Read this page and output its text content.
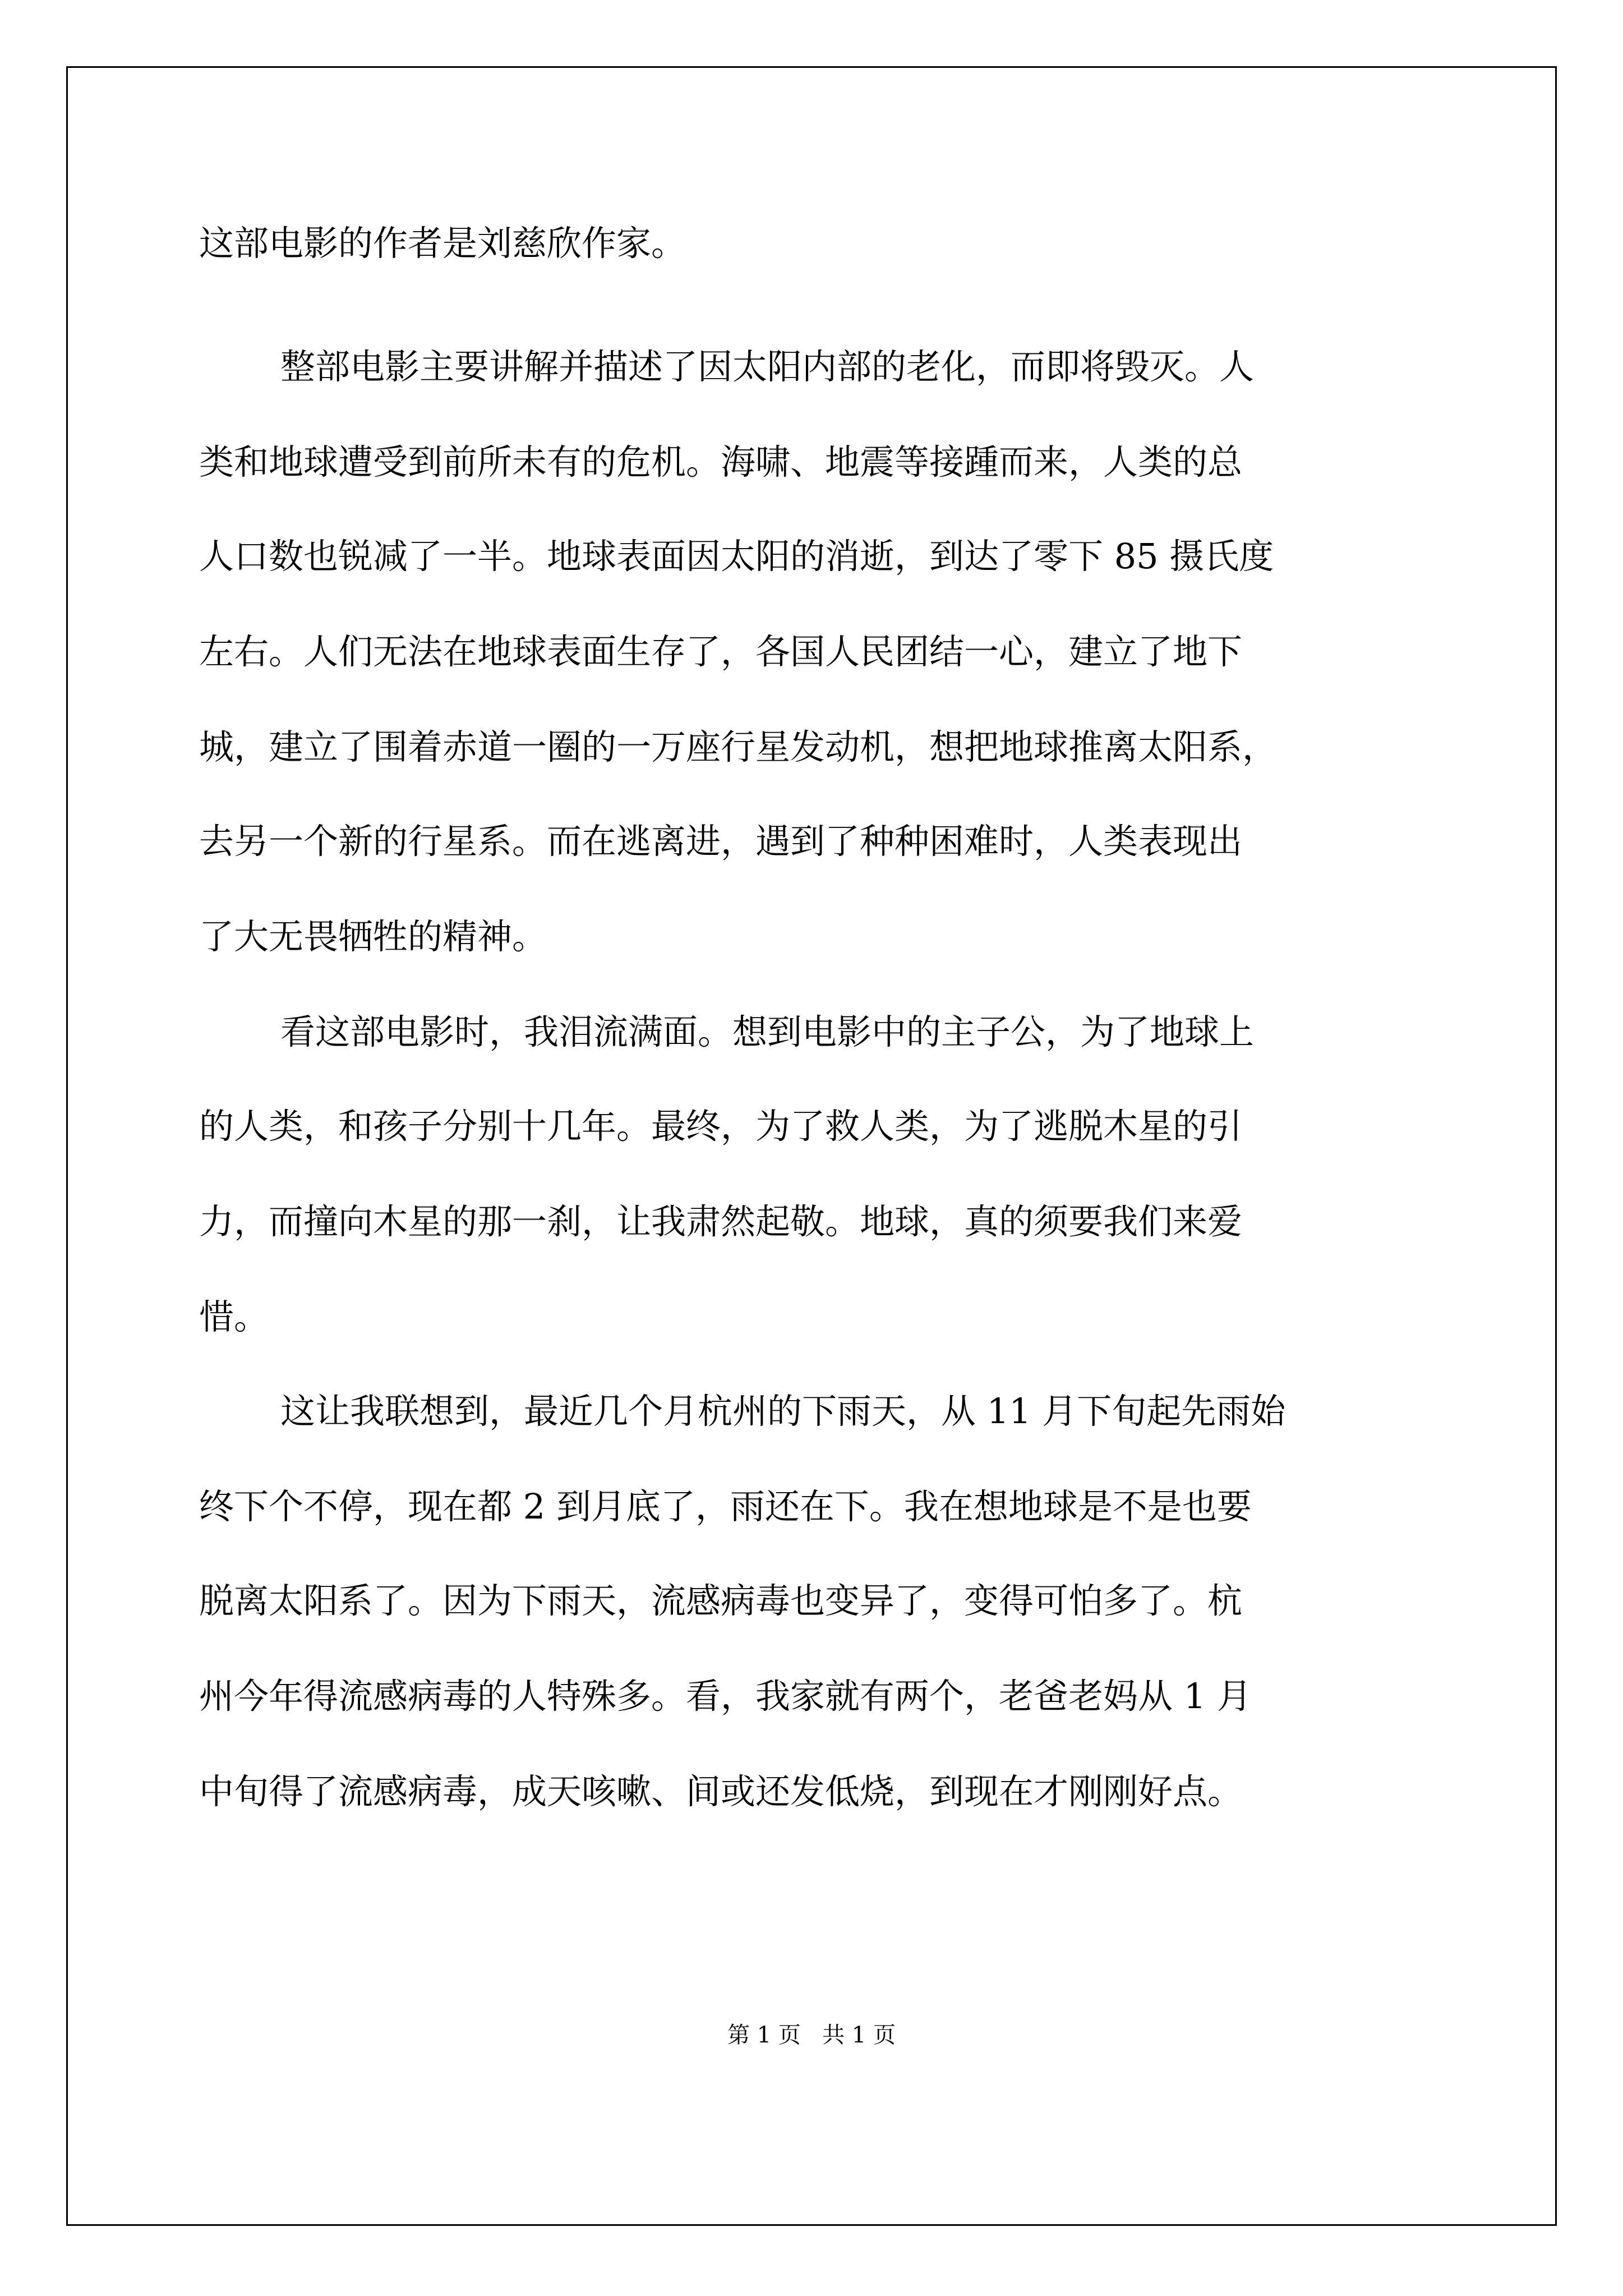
这部电影的作者是刘慈欣作家。
整部电影主要讲解并描述了因太阳内部的老化，而即将毁灭。人
类和地球遭受到前所未有的危机。海啸、地震等接踵而来，人类的总
人口数也锐减了一半。地球表面因太阳的消逝，到达了零下 85 摄氏度
左右。人们无法在地球表面生存了，各国人民团结一心，建立了地下
城，建立了围着赤道一圈的一万座行星发动机，想把地球推离太阳系，
去另一个新的行星系。而在逃离进，遇到了种种困难时，人类表现出
了大无畏牺牲的精神。
看这部电影时，我泪流满面。想到电影中的主子公，为了地球上
的人类，和孩子分别十几年。最终，为了救人类，为了逃脱木星的引
力，而撞向木星的那一刹，让我肃然起敬。地球，真的须要我们来爱
惜。
这让我联想到，最近几个月杭州的下雨天，从 11 月下旬起先雨始
终下个不停，现在都 2 到月底了，雨还在下。我在想地球是不是也要
脱离太阳系了。因为下雨天，流感病毒也变异了，变得可怕多了。杭
州今年得流感病毒的人特殊多。看，我家就有两个，老爸老妈从 1 月
中旬得了流感病毒，成天咳嗽、间或还发低烧，到现在才刚刚好点。
第 1 页   共 1 页
